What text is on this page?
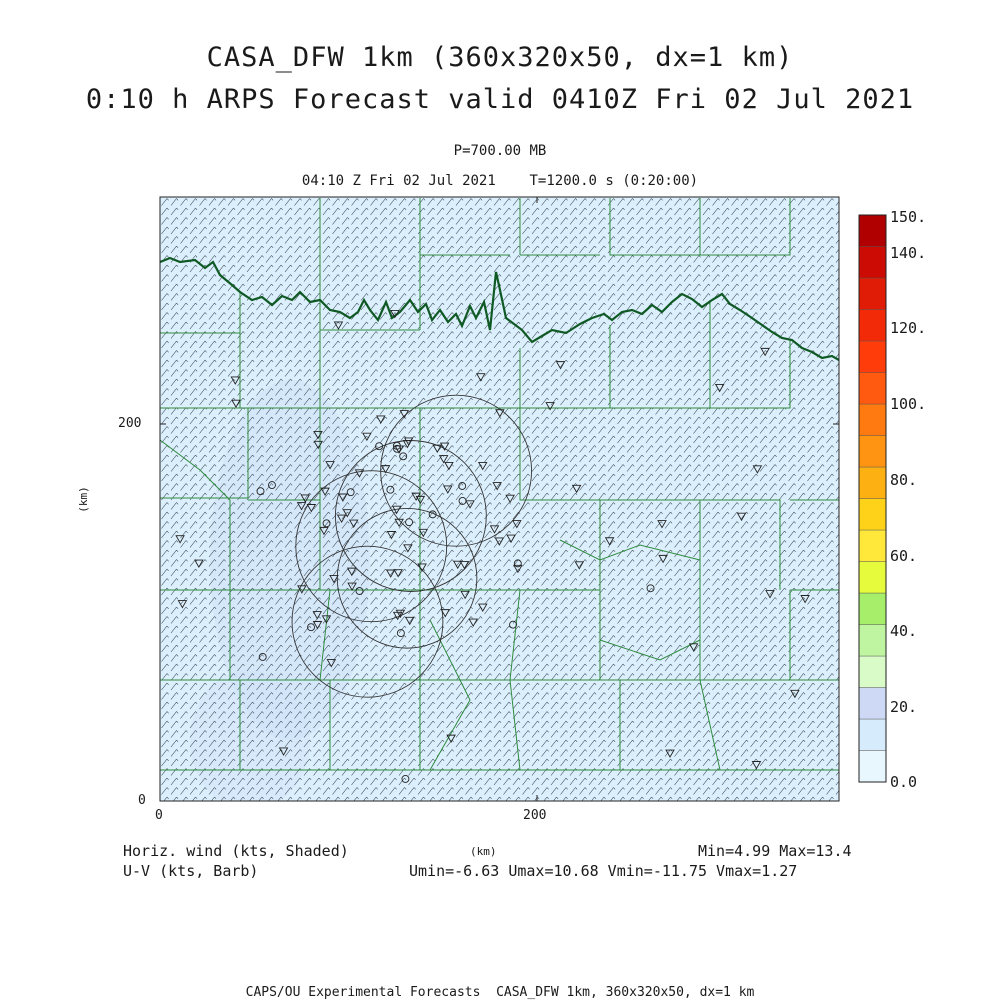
CASA_DFW 1km (360x320x50, dx=1 km)
0:10 h ARPS Forecast valid 0410Z Fri 02 Jul 2021
P=700.00 MB
04:10 Z Fri 02 Jul 2021    T=1200.0 s (0:20:00)
200
0
0	200
(km)
(km)
150.
140.
120.
100.
80.
60.
40.
20.
0.0
Horiz. wind (kts, Shaded)
U-V (kts, Barb)
Min=4.99 Max=13.4
Umin=-6.63 Umax=10.68 Vmin=-11.75 Vmax=1.27
CAPS/OU Experimental Forecasts  CASA_DFW 1km, 360x320x50, dx=1 km
